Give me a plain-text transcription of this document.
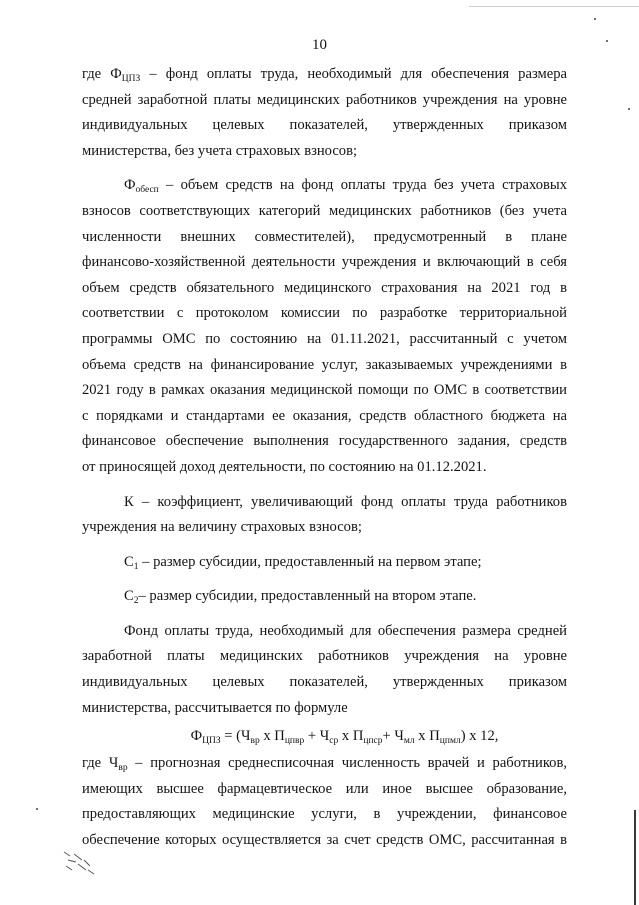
10
где $Ф_{ЦПЗ}$ – фонд оплаты труда, необходимый для обеспечения размера
средней заработной платы медицинских работников учреждения на уровне
индивидуальных целевых показателей, утвержденных приказом
министерства, без учета страховых взносов;
$Ф_{обесп}$ – объем средств на фонд оплаты труда без учета страховых
взносов соответствующих категорий медицинских работников (без учета
численности внешних совместителей), предусмотренный в плане
финансово-хозяйственной деятельности учреждения и включающий в себя
объем средств обязательного медицинского страхования на 2021 год в
соответствии с протоколом комиссии по разработке территориальной
программы ОМС по состоянию на 01.11.2021, рассчитанный с учетом
объема средств на финансирование услуг, заказываемых учреждениями в
2021 году в рамках оказания медицинской помощи по ОМС в соответствии
с порядками и стандартами ее оказания, средств областного бюджета на
финансовое обеспечение выполнения государственного задания, средств
от приносящей доход деятельности, по состоянию на 01.12.2021.
К – коэффициент, увеличивающий фонд оплаты труда работников
учреждения на величину страховых взносов;
$С_1$ – размер субсидии, предоставленный на первом этапе;
$С_2-$ размер субсидии, предоставленный на втором этапе.
Фонд оплаты труда, необходимый для обеспечения размера средней
заработной платы медицинских работников учреждения на уровне
индивидуальных целевых показателей, утвержденных приказом
министерства, рассчитывается по формуле
$Ф_{ЦПЗ} = (Ч_{вр}$ х $П_{цпвр} + Ч_{ср}$ х $П_{цпср}+ Ч_{мл}$ х $П_{цпмл}$) х 12,
где $Ч_{вр}$ – прогнозная среднесписочная численность врачей и работников,
имеющих высшее фармацевтическое или иное высшее образование,
предоставляющих медицинские услуги, в учреждении, финансовое
обеспечение которых осуществляется за счет средств ОМС, рассчитанная в
